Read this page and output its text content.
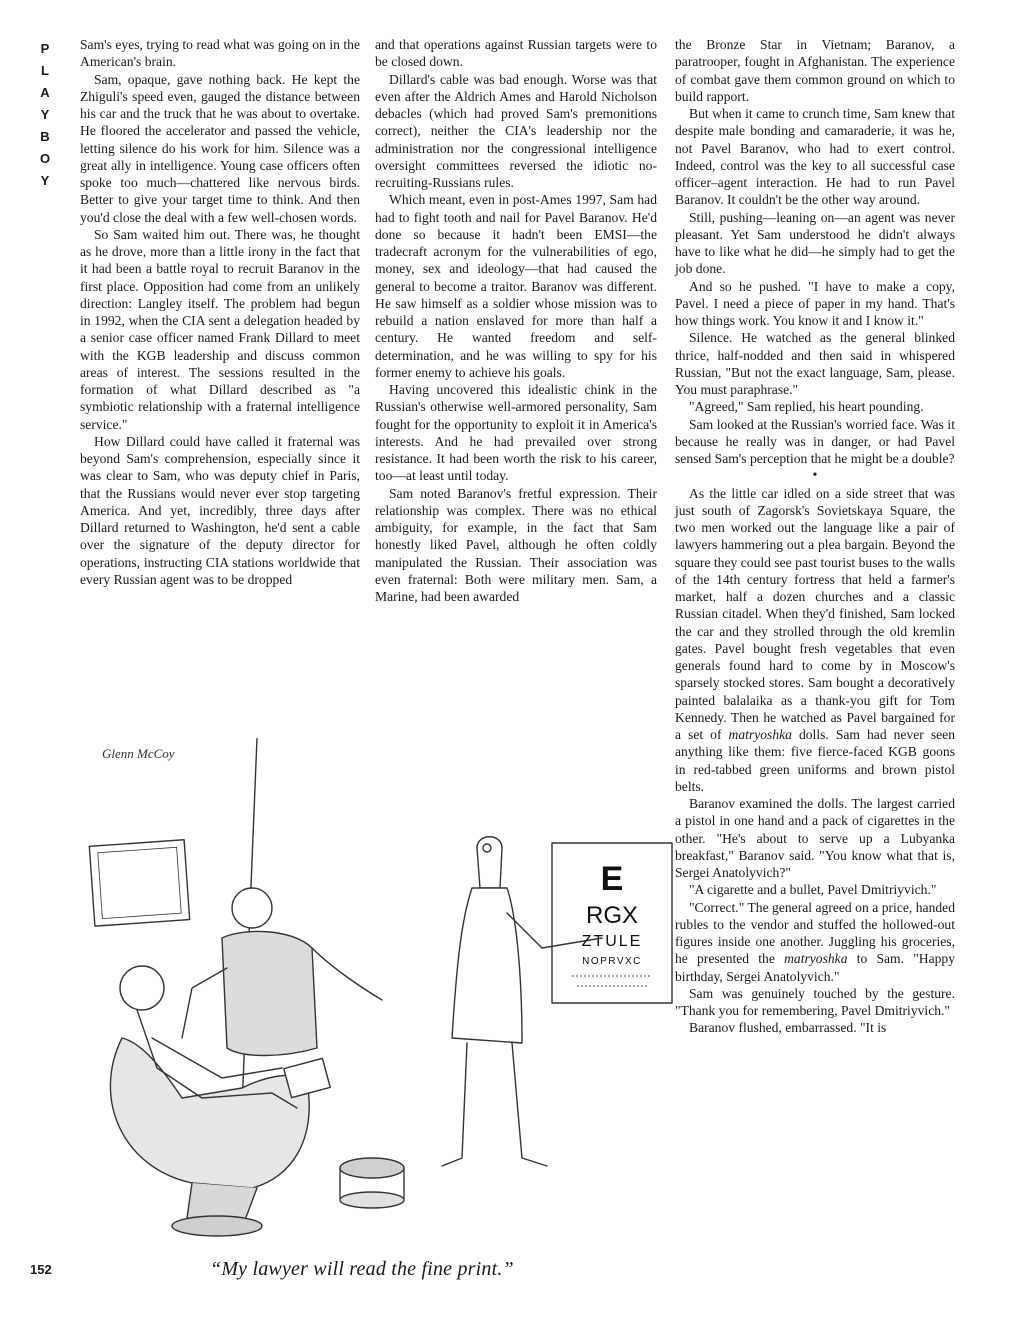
P
L
A
Y
B
O
Y

Sam's eyes, trying to read what was going on in the American's brain.

Sam, opaque, gave nothing back. He kept the Zhiguli's speed even, gauged the distance between his car and the truck that he was about to overtake. He floored the accelerator and passed the vehicle, letting silence do his work for him. Silence was a great ally in intelligence. Young case officers often spoke too much—chattered like nervous birds. Better to give your target time to think. And then you'd close the deal with a few well-chosen words.

So Sam waited him out. There was, he thought as he drove, more than a little irony in the fact that it had been a battle royal to recruit Baranov in the first place. Opposition had come from an unlikely direction: Langley itself. The problem had begun in 1992, when the CIA sent a delegation headed by a senior case officer named Frank Dillard to meet with the KGB leadership and discuss common areas of interest. The sessions resulted in the formation of what Dillard described as "a symbiotic relationship with a fraternal intelligence service."

How Dillard could have called it fraternal was beyond Sam's comprehension, especially since it was clear to Sam, who was deputy chief in Paris, that the Russians would never ever stop targeting America. And yet, incredibly, three days after Dillard returned to Washington, he'd sent a cable over the signature of the deputy director for operations, instructing CIA stations worldwide that every Russian agent was to be dropped

and that operations against Russian targets were to be closed down.

Dillard's cable was bad enough. Worse was that even after the Aldrich Ames and Harold Nicholson debacles (which had proved Sam's premonitions correct), neither the CIA's leadership nor the administration nor the congressional intelligence oversight committees reversed the idiotic no-recruiting-Russians rules.

Which meant, even in post-Ames 1997, Sam had had to fight tooth and nail for Pavel Baranov. He'd done so because it hadn't been EMSI—the tradecraft acronym for the vulnerabilities of ego, money, sex and ideology—that had caused the general to become a traitor. Baranov was different. He saw himself as a soldier whose mission was to rebuild a nation enslaved for more than half a century. He wanted freedom and self-determination, and he was willing to spy for his former enemy to achieve his goals.

Having uncovered this idealistic chink in the Russian's otherwise well-armored personality, Sam fought for the opportunity to exploit it in America's interests. And he had prevailed over strong resistance. It had been worth the risk to his career, too—at least until today.

Sam noted Baranov's fretful expression. Their relationship was complex. There was no ethical ambiguity, for example, in the fact that Sam honestly liked Pavel, although he often coldly manipulated the Russian. Their association was even fraternal: Both were military men. Sam, a Marine, had been awarded

the Bronze Star in Vietnam; Baranov, a paratrooper, fought in Afghanistan. The experience of combat gave them common ground on which to build rapport.

But when it came to crunch time, Sam knew that despite male bonding and camaraderie, it was he, not Pavel Baranov, who had to exert control. Indeed, control was the key to all successful case officer–agent interaction. He had to run Pavel Baranov. It couldn't be the other way around.

Still, pushing—leaning on—an agent was never pleasant. Yet Sam understood he didn't always have to like what he did—he simply had to get the job done.

And so he pushed. "I have to make a copy, Pavel. I need a piece of paper in my hand. That's how things work. You know it and I know it."

Silence. He watched as the general blinked thrice, half-nodded and then said in whispered Russian, "But not the exact language, Sam, please. You must paraphrase."

"Agreed," Sam replied, his heart pounding.

Sam looked at the Russian's worried face. Was it because he really was in danger, or had Pavel sensed Sam's perception that he might be a double?

•

As the little car idled on a side street that was just south of Zagorsk's Sovietskaya Square, the two men worked out the language like a pair of lawyers hammering out a plea bargain. Beyond the square they could see past tourist buses to the walls of the 14th century fortress that held a farmer's market, half a dozen churches and a classic Russian citadel. When they'd finished, Sam locked the car and they strolled through the old kremlin gates. Pavel bought fresh vegetables that even generals found hard to come by in Moscow's sparsely stocked stores. Sam bought a decoratively painted balalaika as a thank-you gift for Tom Kennedy. Then he watched as Pavel bargained for a set of matryoshka dolls. Sam had never seen anything like them: five fierce-faced KGB goons in red-tabbed green uniforms and brown pistol belts.

Baranov examined the dolls. The largest carried a pistol in one hand and a pack of cigarettes in the other. "He's about to serve up a Lubyanka breakfast," Baranov said. "You know what that is, Sergei Anatolyvich?"

"A cigarette and a bullet, Pavel Dmitriyvich."

"Correct." The general agreed on a price, handed rubles to the vendor and stuffed the hollowed-out figures inside one another. Juggling his groceries, he presented the matryoshka to Sam. "Happy birthday, Sergei Anatolyvich."

Sam was genuinely touched by the gesture. "Thank you for remembering, Pavel Dmitriyvich."

Baranov flushed, embarrassed. "It is

E
RGX
ZTULE
NOPRVXC
Glenn McCoy
“My lawyer will read the fine print.”
152
